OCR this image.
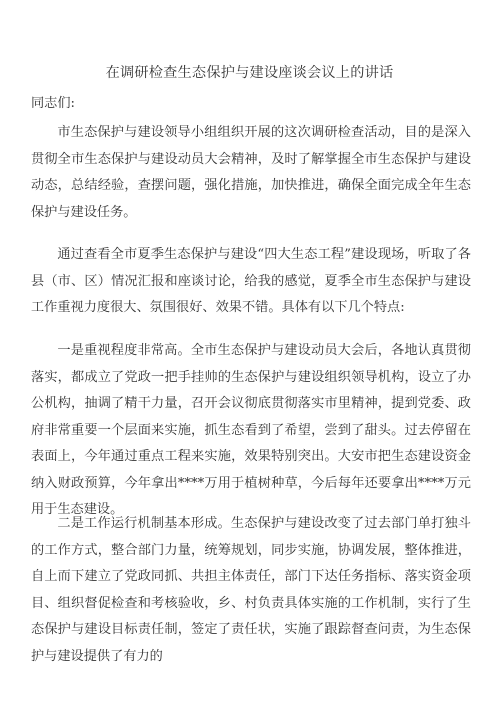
在调研检查生态保护与建设座谈会议上的讲话
同志们:

市生态保护与建设领导小组组织开展的这次调研检查活动，目的是深入贯彻全市生态保护与建设动员大会精神，及时了解掌握全市生态保护与建设动态，总结经验，查摆问题，强化措施，加快推进，确保全面完成全年生态保护与建设任务。

通过查看全市夏季生态保护与建设“四大生态工程”建设现场，听取了各县（市、区）情况汇报和座谈讨论，给我的感觉，夏季全市生态保护与建设工作重视力度很大、氛围很好、效果不错。具体有以下几个特点:

一是重视程度非常高。全市生态保护与建设动员大会后，各地认真贯彻落实，都成立了党政一把手挂帅的生态保护与建设组织领导机构，设立了办公机构，抽调了精干力量，召开会议彻底贯彻落实市里精神，提到党委、政府非常重要一个层面来实施，抓生态看到了希望，尝到了甜头。过去停留在表面上，今年通过重点工程来实施，效果特别突出。大安市把生态建设资金纳入财政预算，今年拿出****万用于植树种草，今后每年还要拿出****万元用于生态建设。

二是工作运行机制基本形成。生态保护与建设改变了过去部门单打独斗的工作方式，整合部门力量，统筹规划，同步实施，协调发展，整体推进，自上而下建立了党政同抓、共担主体责任，部门下达任务指标、落实资金项目、组织督促检查和考核验收，乡、村负责具体实施的工作机制，实行了生态保护与建设目标责任制，签定了责任状，实施了跟踪督查问责，为生态保护与建设提供了有力的
